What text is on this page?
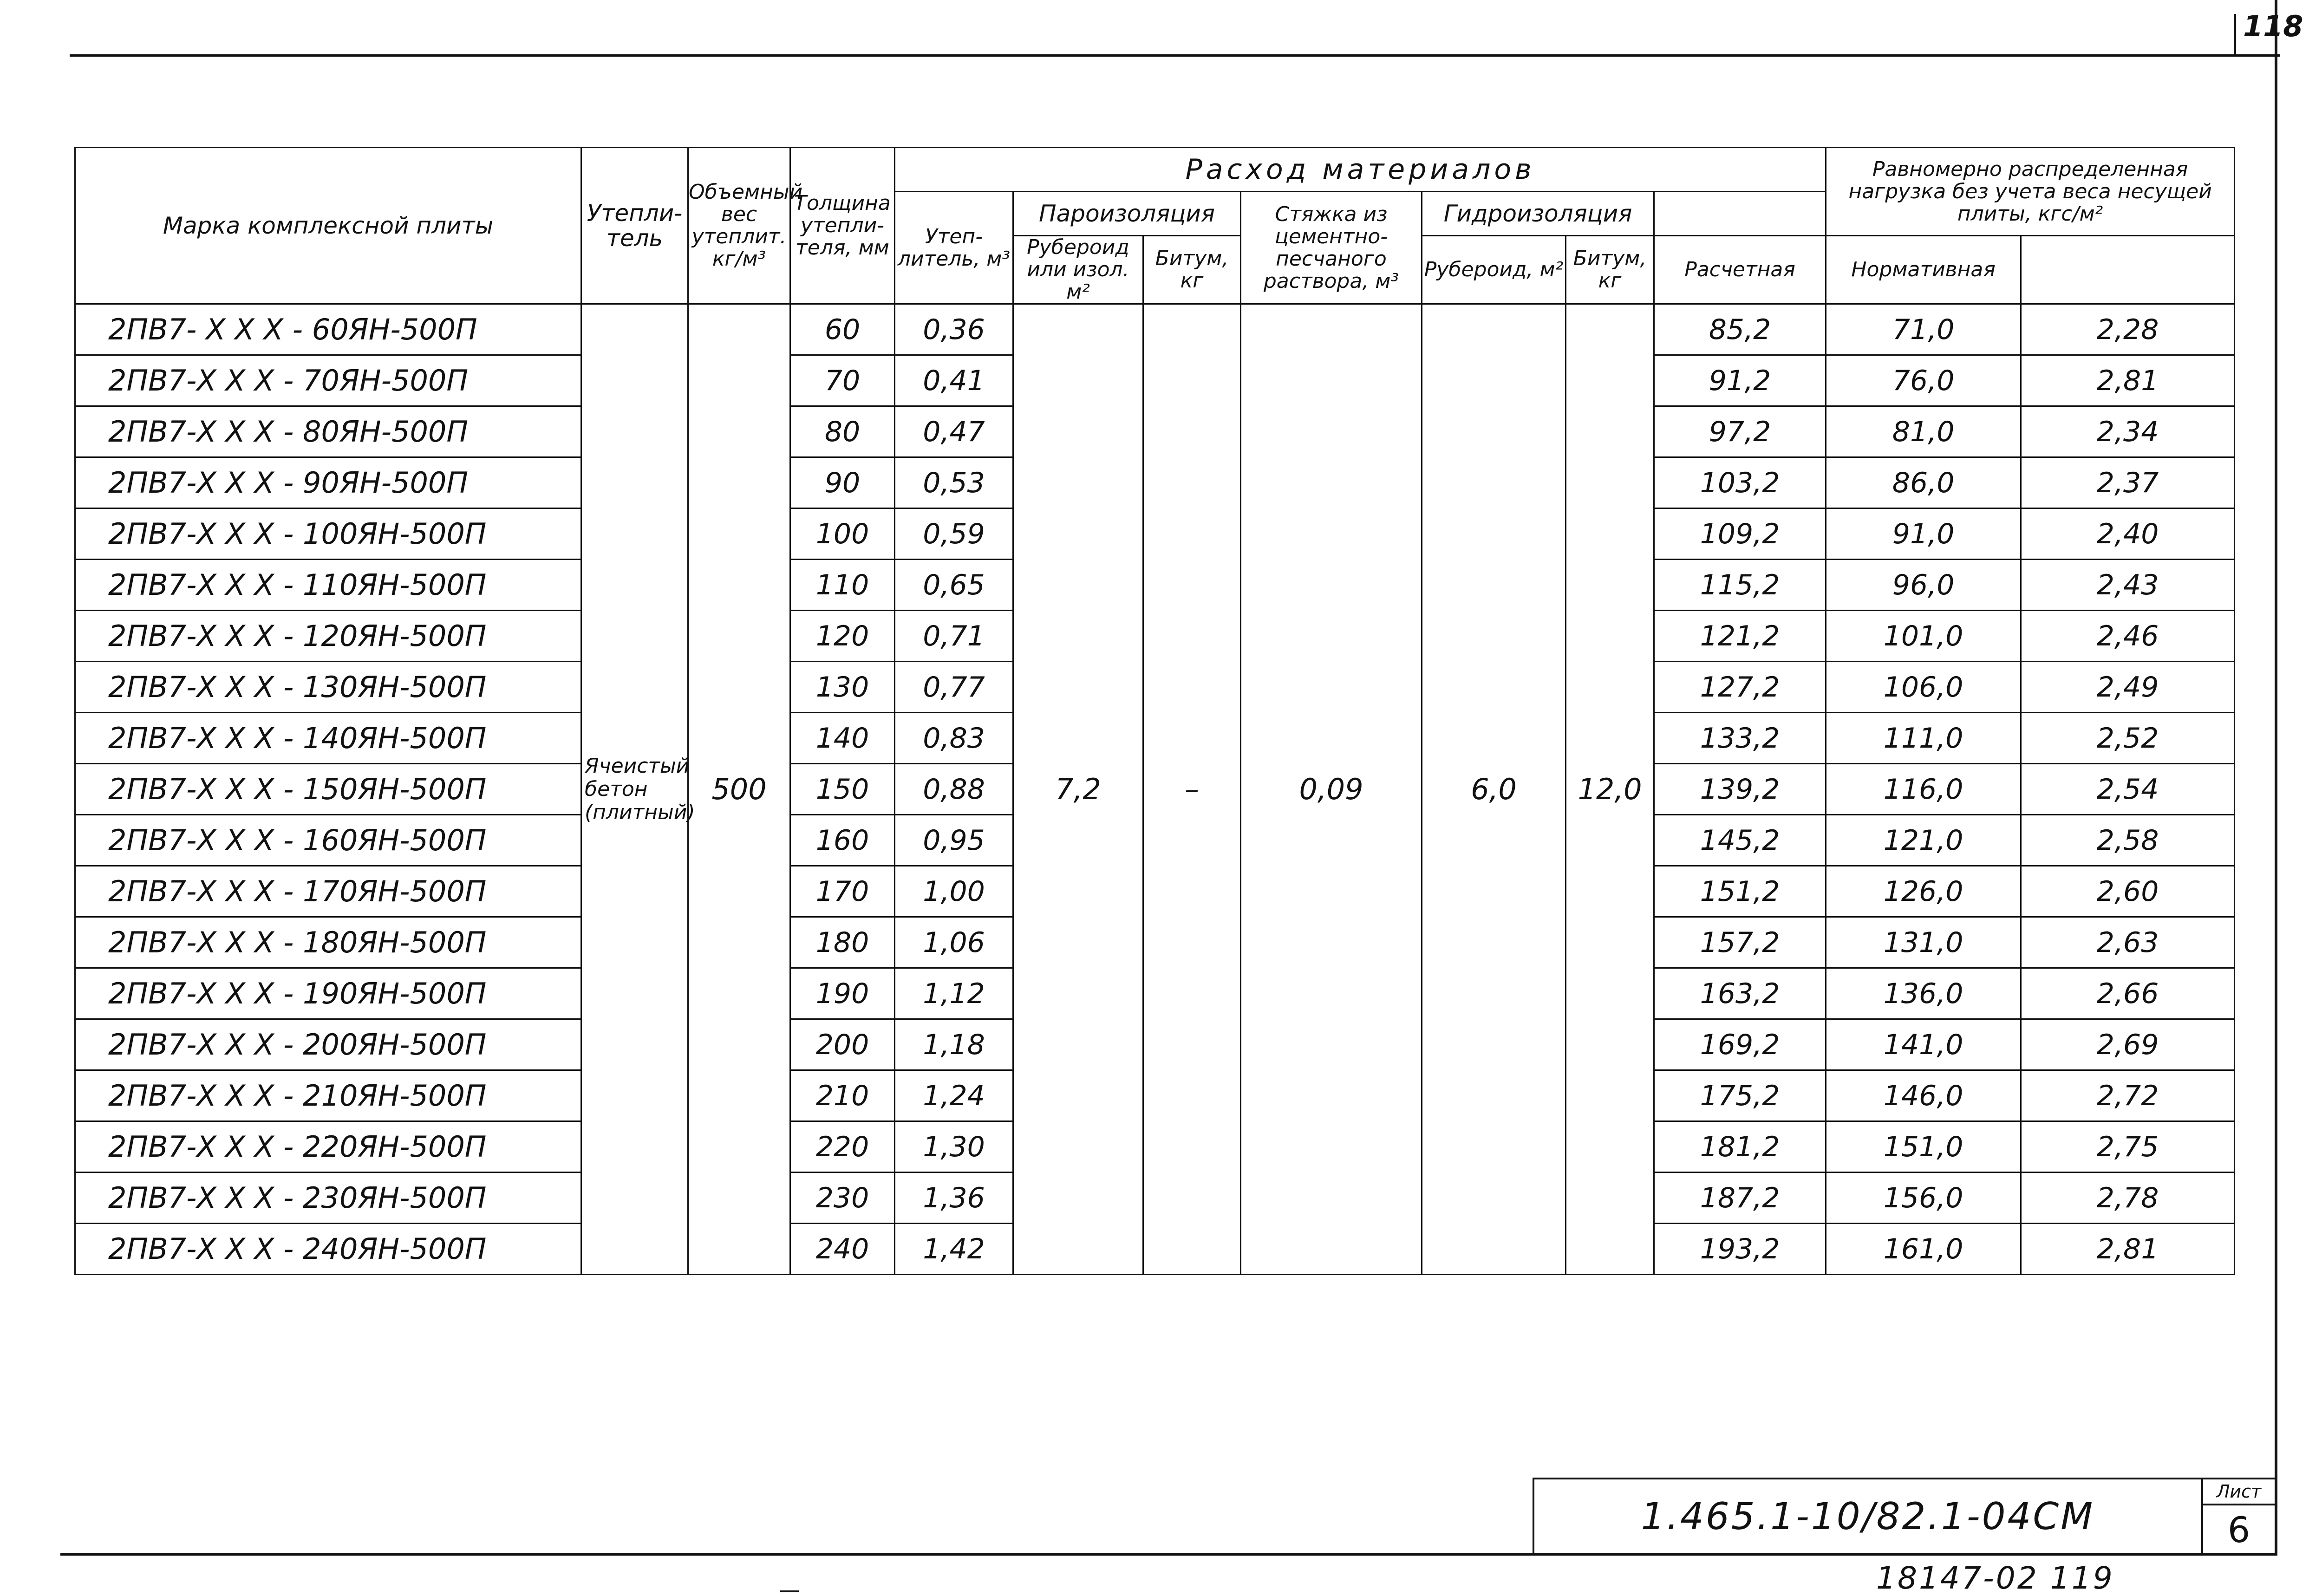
118
Марка комплексной плиты	Утепли-тель	Объемный вес утеплит. кг/м³	Толщина утепли-теля, мм	Расход материалов							Равномерно распределенная нагрузка без учета веса несущей плиты, кгс/м²	
				Утеп-литель, м³	Пароизоляция		Стяжка из цементно-песчаного раствора, м³	Гидроизоляция					
					Рубероид или изол. м²	Битум, кг		Рубероид, м²	Битум, кг	Расчетная	Нормативная		
2ПВ7- X X X - 60ЯН-500П	Ячеистый бетон (плитный)	500	60	0,36	7,2	–	0,09	6,0	12,0	85,2	71,0	2,28	
2ПВ7-X X X - 70ЯН-500П			70	0,41						91,2	76,0	2,81	
2ПВ7-X X X - 80ЯН-500П			80	0,47						97,2	81,0	2,34	
2ПВ7-X X X - 90ЯН-500П			90	0,53						103,2	86,0	2,37	
2ПВ7-X X X - 100ЯН-500П			100	0,59						109,2	91,0	2,40	
2ПВ7-X X X - 110ЯН-500П			110	0,65						115,2	96,0	2,43	
2ПВ7-X X X - 120ЯН-500П			120	0,71						121,2	101,0	2,46	
2ПВ7-X X X - 130ЯН-500П			130	0,77						127,2	106,0	2,49	
2ПВ7-X X X - 140ЯН-500П			140	0,83						133,2	111,0	2,52	
2ПВ7-X X X - 150ЯН-500П			150	0,88						139,2	116,0	2,54	
2ПВ7-X X X - 160ЯН-500П			160	0,95						145,2	121,0	2,58	
2ПВ7-X X X - 170ЯН-500П			170	1,00						151,2	126,0	2,60	
2ПВ7-X X X - 180ЯН-500П			180	1,06						157,2	131,0	2,63	
2ПВ7-X X X - 190ЯН-500П			190	1,12						163,2	136,0	2,66	
2ПВ7-X X X - 200ЯН-500П			200	1,18						169,2	141,0	2,69	
2ПВ7-X X X - 210ЯН-500П			210	1,24						175,2	146,0	2,72	
2ПВ7-X X X - 220ЯН-500П			220	1,30						181,2	151,0	2,75	
2ПВ7-X X X - 230ЯН-500П			230	1,36						187,2	156,0	2,78	
2ПВ7-X X X - 240ЯН-500П			240	1,42						193,2	161,0	2,81	
1.465.1-10/82.1-04СМ
Лист
6
18147-02 119
